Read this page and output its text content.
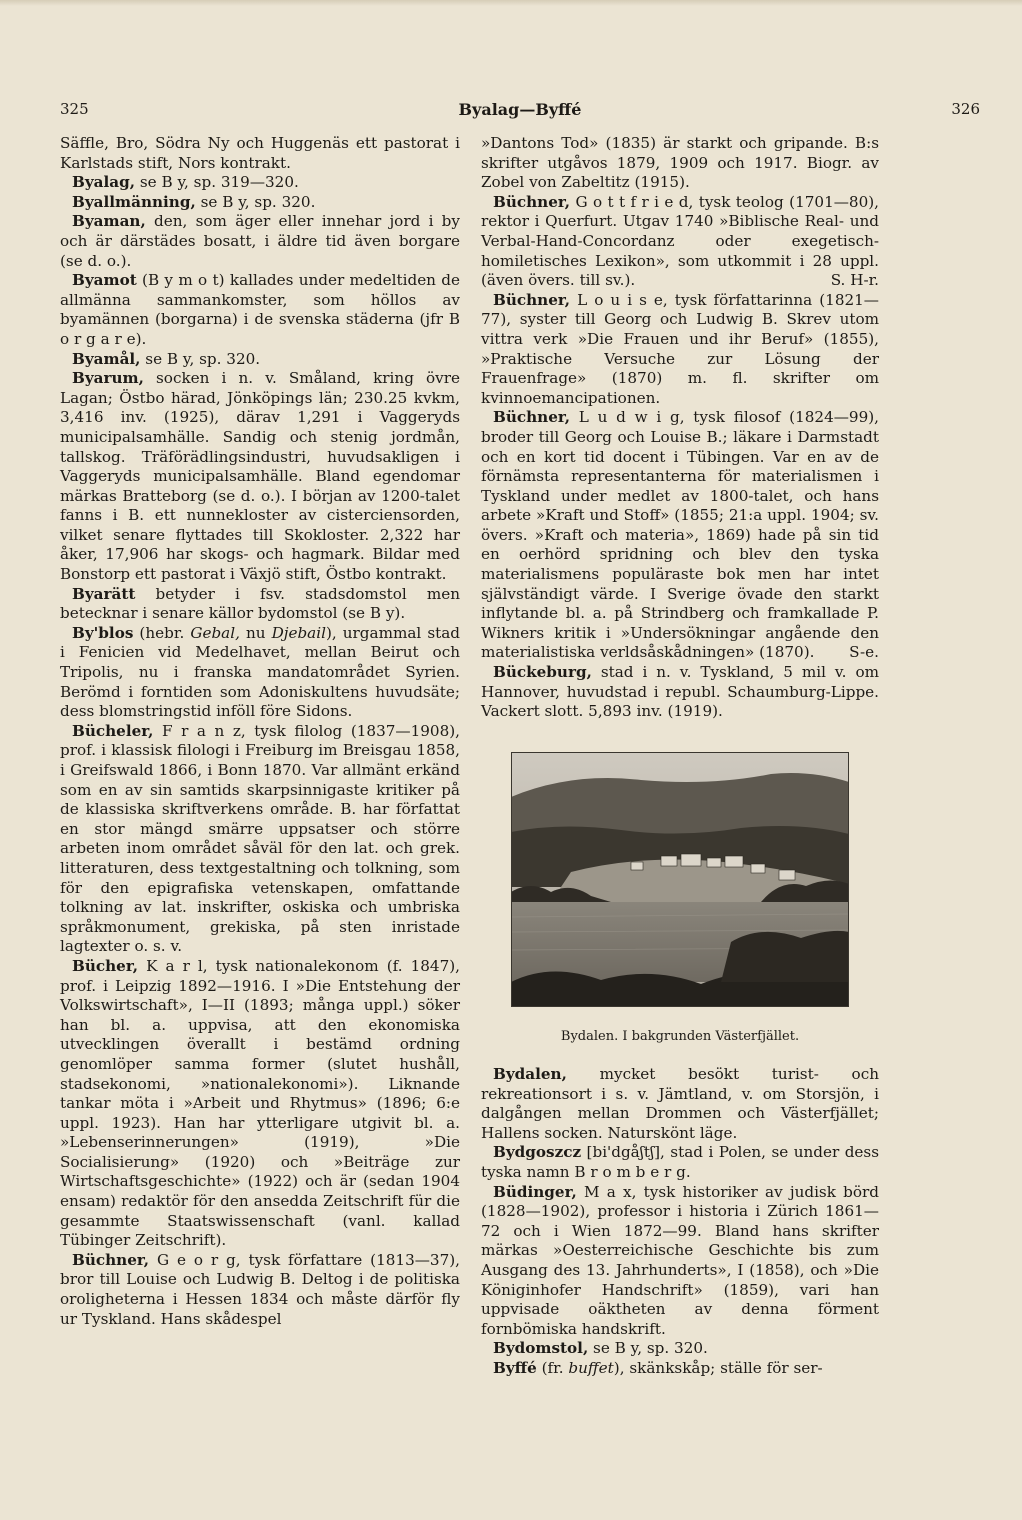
325	Byalag—Byffé	326

Säffle, Bro, Södra Ny och Huggenäs ett pastorat i Karlstads stift, Nors kontrakt.

Byalag, se B y, sp. 319—320.

Byallmänning, se B y, sp. 320.

Byaman, den, som äger eller innehar jord i by och är därstädes bosatt, i äldre tid även borgare (se d. o.).

Byamot (B y m o t) kallades under medeltiden de allmänna sammankomster, som höllos av byamännen (borgarna) i de svenska städerna (jfr B o r g a r e).

Byamål, se B y, sp. 320.

Byarum, socken i n. v. Småland, kring övre Lagan; Östbo härad, Jönköpings län; 230.25 kvkm, 3,416 inv. (1925), därav 1,291 i Vaggeryds municipalsamhälle. Sandig och stenig jordmån, tallskog. Träförädlingsindustri, huvudsakligen i Vaggeryds municipalsamhälle. Bland egendomar märkas Bratteborg (se d. o.). I början av 1200-talet fanns i B. ett nunnekloster av cisterciensorden, vilket senare flyttades till Skokloster. 2,322 har åker, 17,906 har skogs- och hagmark. Bildar med Bonstorp ett pastorat i Växjö stift, Östbo kontrakt.

Byarätt betyder i fsv. stadsdomstol men betecknar i senare källor bydomstol (se B y).

By'blos (hebr. Gebal, nu Djebail), urgammal stad i Fenicien vid Medelhavet, mellan Beirut och Tripolis, nu i franska mandatområdet Syrien. Berömd i forntiden som Adoniskultens huvudsäte; dess blomstringstid inföll före Sidons.

Bücheler, F r a n z, tysk filolog (1837—1908), prof. i klassisk filologi i Freiburg im Breisgau 1858, i Greifswald 1866, i Bonn 1870. Var allmänt erkänd som en av sin samtids skarpsinnigaste kritiker på de klassiska skriftverkens område. B. har författat en stor mängd smärre uppsatser och större arbeten inom området såväl för den lat. och grek. litteraturen, dess textgestaltning och tolkning, som för den epigrafiska vetenskapen, omfattande tolkning av lat. inskrifter, oskiska och umbriska språkmonument, grekiska, på sten inristade lagtexter o. s. v.

Bücher, K a r l, tysk nationalekonom (f. 1847), prof. i Leipzig 1892—1916. I »Die Entstehung der Volkswirtschaft», I—II (1893; många uppl.) söker han bl. a. uppvisa, att den ekonomiska utvecklingen överallt i bestämd ordning genomlöper samma former (slutet hushåll, stadsekonomi, »nationalekonomi»). Liknande tankar möta i »Arbeit und Rhytmus» (1896; 6:e uppl. 1923). Han har ytterligare utgivit bl. a. »Lebenserinnerungen» (1919), »Die Socialisierung» (1920) och »Beiträge zur Wirtschaftsgeschichte» (1922) och är (sedan 1904 ensam) redaktör för den ansedda Zeitschrift für die gesammte Staatswissenschaft (vanl. kallad Tübinger Zeitschrift).

Büchner, G e o r g, tysk författare (1813—37), bror till Louise och Ludwig B. Deltog i de politiska oroligheterna i Hessen 1834 och måste därför fly ur Tyskland. Hans skådespel

»Dantons Tod» (1835) är starkt och gripande. B:s skrifter utgåvos 1879, 1909 och 1917. Biogr. av Zobel von Zabeltitz (1915).

Büchner, G o t t f r i e d, tysk teolog (1701—80), rektor i Querfurt. Utgav 1740 »Biblische Real- und Verbal-Hand-Concordanz oder exegetisch-homiletisches Lexikon», som utkommit i 28 uppl. (även övers. till sv.).	S. H-r.

Büchner, L o u i s e, tysk författarinna (1821—77), syster till Georg och Ludwig B. Skrev utom vittra verk »Die Frauen und ihr Beruf» (1855), »Praktische Versuche zur Lösung der Frauenfrage» (1870) m. fl. skrifter om kvinnoemancipationen.

Büchner, L u d w i g, tysk filosof (1824—99), broder till Georg och Louise B.; läkare i Darmstadt och en kort tid docent i Tübingen. Var en av de förnämsta representanterna för materialismen i Tyskland under medlet av 1800-talet, och hans arbete »Kraft und Stoff» (1855; 21:a uppl. 1904; sv. övers. »Kraft och materia», 1869) hade på sin tid en oerhörd spridning och blev den tyska materialismens populäraste bok men har intet självständigt värde. I Sverige övade den starkt inflytande bl. a. på Strindberg och framkallade P. Wikners kritik i »Undersökningar angående den materialistiska verldsåskådningen» (1870).	S-e.

Bückeburg, stad i n. v. Tyskland, 5 mil v. om Hannover, huvudstad i republ. Schaumburg-Lippe. Vackert slott. 5,893 inv. (1919).

Bydalen. I bakgrunden Västerfjället.

Bydalen, mycket besökt turist- och rekreationsort i s. v. Jämtland, v. om Storsjön, i dalgången mellan Drommen och Västerfjället; Hallens socken. Naturskönt läge.

Bydgoszcz [bi'dgåʃtʃ], stad i Polen, se under dess tyska namn B r o m b e r g.

Büdinger, M a x, tysk historiker av judisk börd (1828—1902), professor i historia i Zürich 1861—72 och i Wien 1872—99. Bland hans skrifter märkas »Oesterreichische Geschichte bis zum Ausgang des 13. Jahrhunderts», I (1858), och »Die Königinhofer Handschrift» (1859), vari han uppvisade oäktheten av denna förment fornbömiska handskrift.

Bydomstol, se B y, sp. 320.

Byffé (fr. buffet), skänkskåp; ställe för ser-
